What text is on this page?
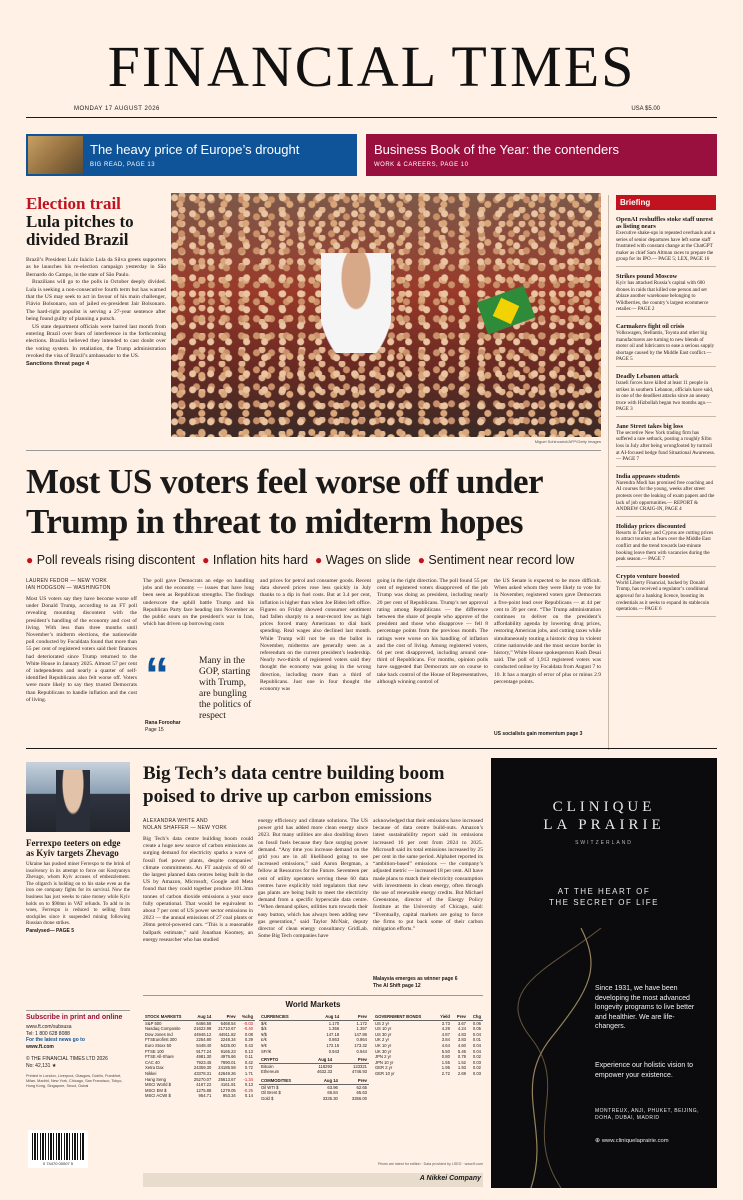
FINANCIAL TIMES
MONDAY 17 AUGUST 2026	USA $5.00
The heavy price of Europe’s drought
BIG READ, PAGE 13
Business Book of the Year: the contenders
WORK & CAREERS, PAGE 10
Election trail
Lula pitches to divided Brazil
Brazil’s President Luiz Inácio Lula da Silva greets supporters as he launches his re-election campaign yesterday in São Bernardo do Campo, in the state of São Paulo.
Brazilians will go to the polls in October deeply divided. Lula is seeking a non-consecutive fourth term but has warned that the US may seek to act in favour of his main challenger, Flávio Bolsonaro, son of jailed ex-president Jair Bolsonaro. The hard-right populist is serving a 27-year sentence after being found guilty of planning a putsch.
US state department officials were barred last month from entering Brazil over fears of interference in the forthcoming elections. Brasília believed they intended to cast doubt over the voting system. In retaliation, the Trump administration revoked the visa of Brazil’s ambassador to the US.
Sanctions threat page 4
Miguel Schincariol/AFP/Getty Images
Briefing
OpenAI reshuffles stoke staff unrest as listing nears
Executive shake-ups in repeated overhauls and a series of senior departures have left some staff frustrated with constant change at the ChatGPT maker as chief Sam Altman races to prepare the group for its IPO.— PAGE 5; LEX, PAGE 16
Strikes pound Moscow
Kyiv has attacked Russia’s capital with 600 drones in raids that killed one person and set ablaze another warehouse belonging to Wildberries, the country’s largest ecommerce retailer.— PAGE 2
Carmakers fight oil crisis
Volkswagen, Stellantis, Toyota and other big manufacturers are turning to new blends of motor oil and lubricants to ease a serious supply shortage caused by the Middle East conflict.— PAGE 5
Deadly Lebanon attack
Israeli forces have killed at least 11 people in strikes in southern Lebanon, officials have said, in one of the deadliest attacks since an uneasy truce with Hizbollah began two months ago.— PAGE 3
Jane Street takes big loss
The secretive New York trading firm has suffered a rare setback, posting a roughly $1bn loss in July after being wrongfooted by turmoil at AI-focused hedge fund Situational Awareness.— PAGE 7
India appeases students
Narendra Modi has promised free coaching and AI courses for the young, weeks after street protests over the leaking of exam papers and the lack of job opportunities.— REPORT & ANDREW CRAIG-IN, PAGE 4
Holiday prices discounted
Resorts in Turkey and Cyprus are cutting prices to attract tourists as fears over the Middle East conflict and the trend towards last-minute booking leave them with vacancies during the peak season.— PAGE 7
Crypto venture boosted
World Liberty Financial, backed by Donald Trump, has received a regulator’s conditional approval for a banking licence, boosting its credentials as it seeks to expand its stablecoin operations.— PAGE 6
Most US voters feel worse off under
Trump in threat to midterm hopes
● Poll reveals rising discontent ● Inflation hits hard ● Wages on slide ● Sentiment near record low
LAUREN FEDOR — NEW YORK
IAN HODGSON — WASHINGTON
Most US voters say they have become worse off under Donald Trump, according to an FT poll revealing mounting discontent with the president’s handling of the economy and cost of living. With less than three months until November’s midterm elections, the nationwide poll conducted by Focaldata found that more than 55 per cent of registered voters said their finances had deteriorated since Trump returned to the White House in January 2025. Almost 57 per cent of independents and nearly a quarter of self-identified Republicans also felt worse off. Voters were more likely to say they trusted Democrats than Republicans to handle inflation and the cost of living.
The poll gave Democrats an edge on handling jobs and the economy — issues that have long been seen as Republican strengths. The findings underscore the uphill battle Trump and his Republican Party face heading into November as the public sours on the president’s war in Iran, which has driven up borrowing costs
“	Many in the GOP, starting with Trump, are bungling the politics of respect
Rana Foroohar
Page 15
and prices for petrol and consumer goods. Recent data showed prices rose less quickly in July thanks to a dip in fuel costs. But at 3.4 per cent, inflation is higher than when Joe Biden left office. Figures on Friday showed consumer sentiment had fallen sharply to a near-record low as high prices forced many Americans to dial back spending. Real wages also declined last month. While Trump will not be on the ballot in November, midterms are generally seen as a referendum on the current president’s leadership. Nearly two-thirds of registered voters said they thought the economy was going in the wrong direction, including more than a third of Republicans. Just one in four thought the economy was
going in the right direction. The poll found 55 per cent of registered voters disapproved of the job Trump was doing as president, including nearly 20 per cent of Republicans. Trump’s net approval rating among Republicans — the difference between the share of people who approve of the president and those who disapprove — fell 8 percentage points from the previous month. The ratings were worse on his handling of inflation and the cost of living. Among registered voters, 64 per cent disapproved, including around one-third of Republicans. For months, opinion polls have suggested that Democrats are on course to take back control of the House of Representatives, although winning control of
the US Senate is expected to be more difficult. When asked whom they were likely to vote for in November, registered voters gave Democrats a five-point lead over Republicans — at 44 per cent to 39 per cent. “The Trump administration continues to deliver on the president’s affordability agenda by lowering drug prices, restoring American jobs, and cutting taxes while simultaneously touting a historic drop in violent crime nationwide and the most secure border in history,” White House spokesperson Kush Desai said. The poll of 1,913 registered voters was conducted online by Focaldata from August 7 to 10. It has a margin of error of plus or minus 2.9 percentage points.
US socialists gain momentum page 3
Ferrexpo teeters on edge as Kyiv targets Zhevago
Ukraine has pushed miner Ferrexpo to the brink of insolvency in its attempt to force out Kostyantyn Zhevago, whom Kyiv accuses of embezzlement. The oligarch is holding on to his stake even as the iron ore company fights for its survival. Now the business has just weeks to raise money while Kyiv holds on to $90mn in VAT refunds. To add to its woes, Ferrexpo is reduced to selling from stockpiles since it suspended mining following Russian drone strikes.
Paralysed— PAGE 5
Subscribe in print and online
www.ft.com/subsusa
Tel: 1 800 628 8088
For the latest news go to
www.ft.com
© THE FINANCIAL TIMES LTD 2026
No: 42,131 ★
Printed in London, Liverpool, Glasgow, Dublin, Frankfurt, Milan, Madrid, New York, Chicago, San Francisco, Tokyo, Hong Kong, Singapore, Seoul, Dubai
0 74470 00007 5
Big Tech’s data centre building boom
poised to drive up carbon emissions
ALEXANDRA WHITE AND
NOLAN SHAFFER — NEW YORK
Big Tech’s data centre building boom could create a huge new source of carbon emissions as surging demand for electricity sparks a wave of fossil fuel power plants, despite companies’ climate commitments. An FT analysis of 60 of the largest planned data centres being built in the US by Amazon, Microsoft, Google and Meta found that they could together produce 101.3mn tonnes of carbon dioxide emissions a year once fully operational. That would be equivalent to about 7 per cent of US power sector emissions in 2023 — the annual emissions of 27 coal plants or 26mn petrol-powered cars. “This is a reasonable ballpark estimate,” said Jonathan Koomey, an energy researcher who has studied
energy efficiency and climate solutions. The US power grid has added more clean energy since 2023. But many utilities are also doubling down on fossil fuels because they face surging power demand. “Any time you increase demand on the grid you are in all likelihood going to see increased emissions,” said Aaron Bergman, a fellow at Resources for the Future. Seventeen per cent of utility operators serving these 60 data centres have explicitly told regulators that new gas plants are being built to meet the electricity demand from a specific hyperscale data centre. “When demand spikes, utilities turn towards their easy button, which has always been adding new gas generation,” said Taylor McNair, deputy director of clean energy consultancy GridLab. Some Big Tech companies have
acknowledged that their emissions have increased because of data centre build-outs. Amazon’s latest sustainability report said its emissions increased 16 per cent from 2024 to 2025. Microsoft said its total emissions increased by 25 per cent in the same period. Alphabet reported its “ambition-based” emissions — the company’s adjusted metric — increased 18 per cent. All have made plans to match their electricity consumption with investments in clean energy, often through the use of renewable energy credits. But Michael Greenstone, director of the Energy Policy Institute at the University of Chicago, said: “Eventually, capital markets are going to force the firms to put back some of their carbon mitigation efforts.”
Malaysia emerges as winner page 6
The AI Shift page 12
World Markets
STOCK MARKETS	Aug 14	Prev	%chg
S&P 500	6466.58	6468.54	-0.03
Nasdaq Composite	21622.98	21710.67	-0.40
Dow Jones Ind	44946.12	44911.82	0.08
FTSEurofirst 300	2254.80	2248.34	0.29
Euro Stoxx 50	5448.40	5425.00	0.43
FTSE 100	9177.24	9165.23	0.13
FTSE All-Share	4981.30	4975.66	0.11
CAC 40	7923.45	7890.01	0.42
Xetra Dax	24359.30	24185.59	0.72
Nikkei	43378.31	42649.26	1.71
Hang Seng	25270.07	25613.67	-1.34
MSCI World $	4167.22	4161.91	0.13
MSCI EM $	1275.88	1279.05	-0.25
MSCI ACWI $	954.71	953.34	0.14
CURRENCIES	Aug 14	Prev
$/€	1.170	1.172
$/£	1.356	1.357
¥/$	147.18	147.86
£/€	0.863	0.864
¥/€	172.15	173.32
SFr/€	0.943	0.944
CRYPTO	Aug 14	Prev
Bitcoin	118293	123321
Ethereum	4632.33	4746.93
COMMODITIES	Aug 14	Prev
Oil WTI $	63.96	62.65
Oil Brent $	66.84	65.63
Gold $	3335.30	3356.00
GOVERNMENT BONDS	Yield	Prev	Chg
US 2 yr	3.73	3.67	0.06
US 10 yr	4.29	4.24	0.05
US 30 yr	4.87	4.83	0.04
UK 2 yr	3.84	3.83	0.01
UK 10 yr	4.64	4.60	0.04
UK 30 yr	5.50	5.46	0.04
JPN 2 yr	0.80	0.78	0.02
JPN 10 yr	1.55	1.52	0.03
GER 2 yr	1.95	1.93	0.02
GER 10 yr	2.72	2.69	0.03
Prices are latest for edition · Data provided by LSEG · www.ft.com
A Nikkei Company
CLINIQUE
LA PRAIRIE
SWITZERLAND
AT THE HEART OF
THE SECRET OF LIFE
Since 1931, we have been developing the most advanced longevity programs to live better and healthier. We are life-changers.
Experience our holistic vision to empower your existence.
MONTREUX, ANJI, PHUKET, BEIJING, DOHA, DUBAI, MADRID
⊕ www.cliniquelaprairie.com
